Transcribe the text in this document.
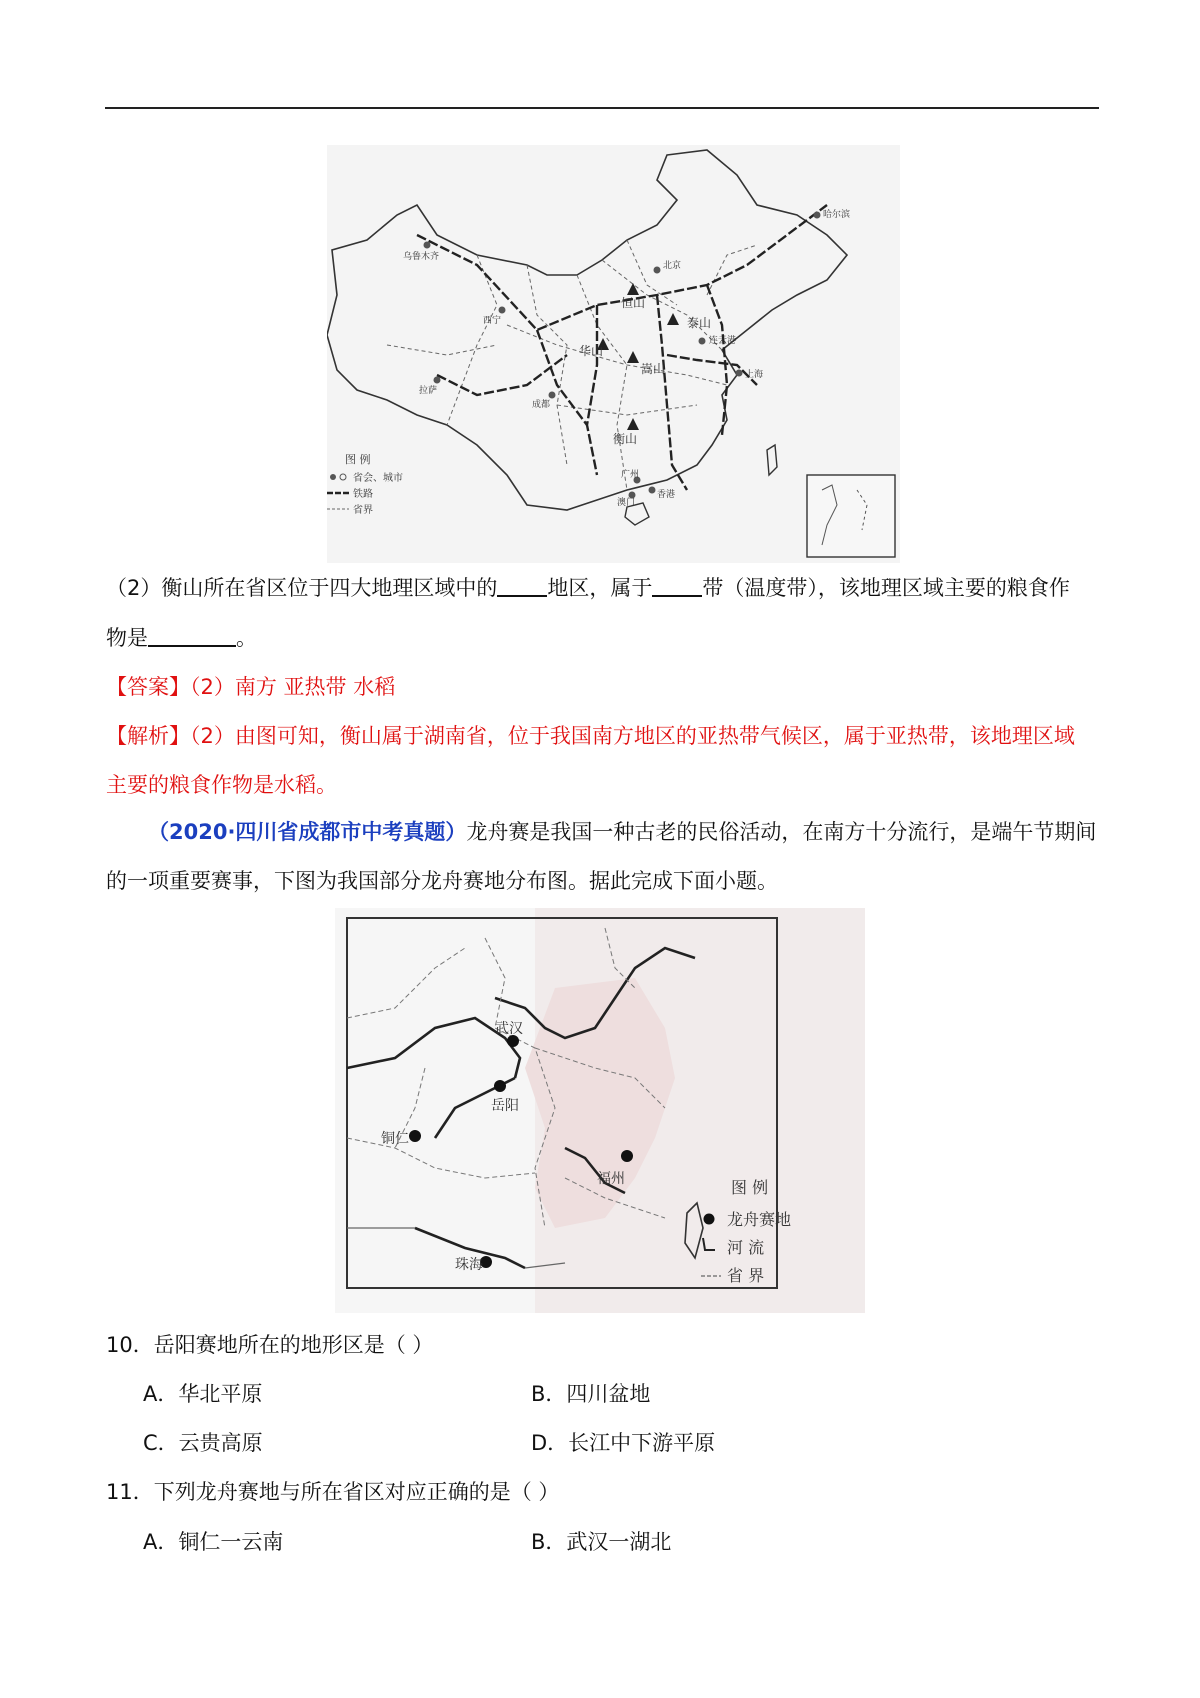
恒山
泰山
华山
嵩山
衡山
北京
成都
上海
连云港
广州
香港
澳门
哈尔滨
拉萨
乌鲁木齐
西宁
图 例
省会、城市
铁路
省界
（2）衡山所在省区位于四大地理区域中的 地区，属于 带（温度带），该地理区域主要的粮食作
物是	。
【答案】（2）南方 亚热带 水稻
【解析】（2）由图可知，衡山属于湖南省，位于我国南方地区的亚热带气候区，属于亚热带，该地理区域
主要的粮食作物是水稻。
（2020·四川省成都市中考真题）龙舟赛是我国一种古老的民俗活动，在南方十分流行，是端午节期间
的一项重要赛事，下图为我国部分龙舟赛地分布图。据此完成下面小题。
武汉
岳阳
铜仁
福州
珠海
图 例
龙舟赛地
河 流
省 界
10．岳阳赛地所在的地形区是（ ）
A．华北平原	B．四川盆地
C．云贵高原	D．长江中下游平原
11．下列龙舟赛地与所在省区对应正确的是（ ）
A．铜仁一云南	B．武汉一湖北
